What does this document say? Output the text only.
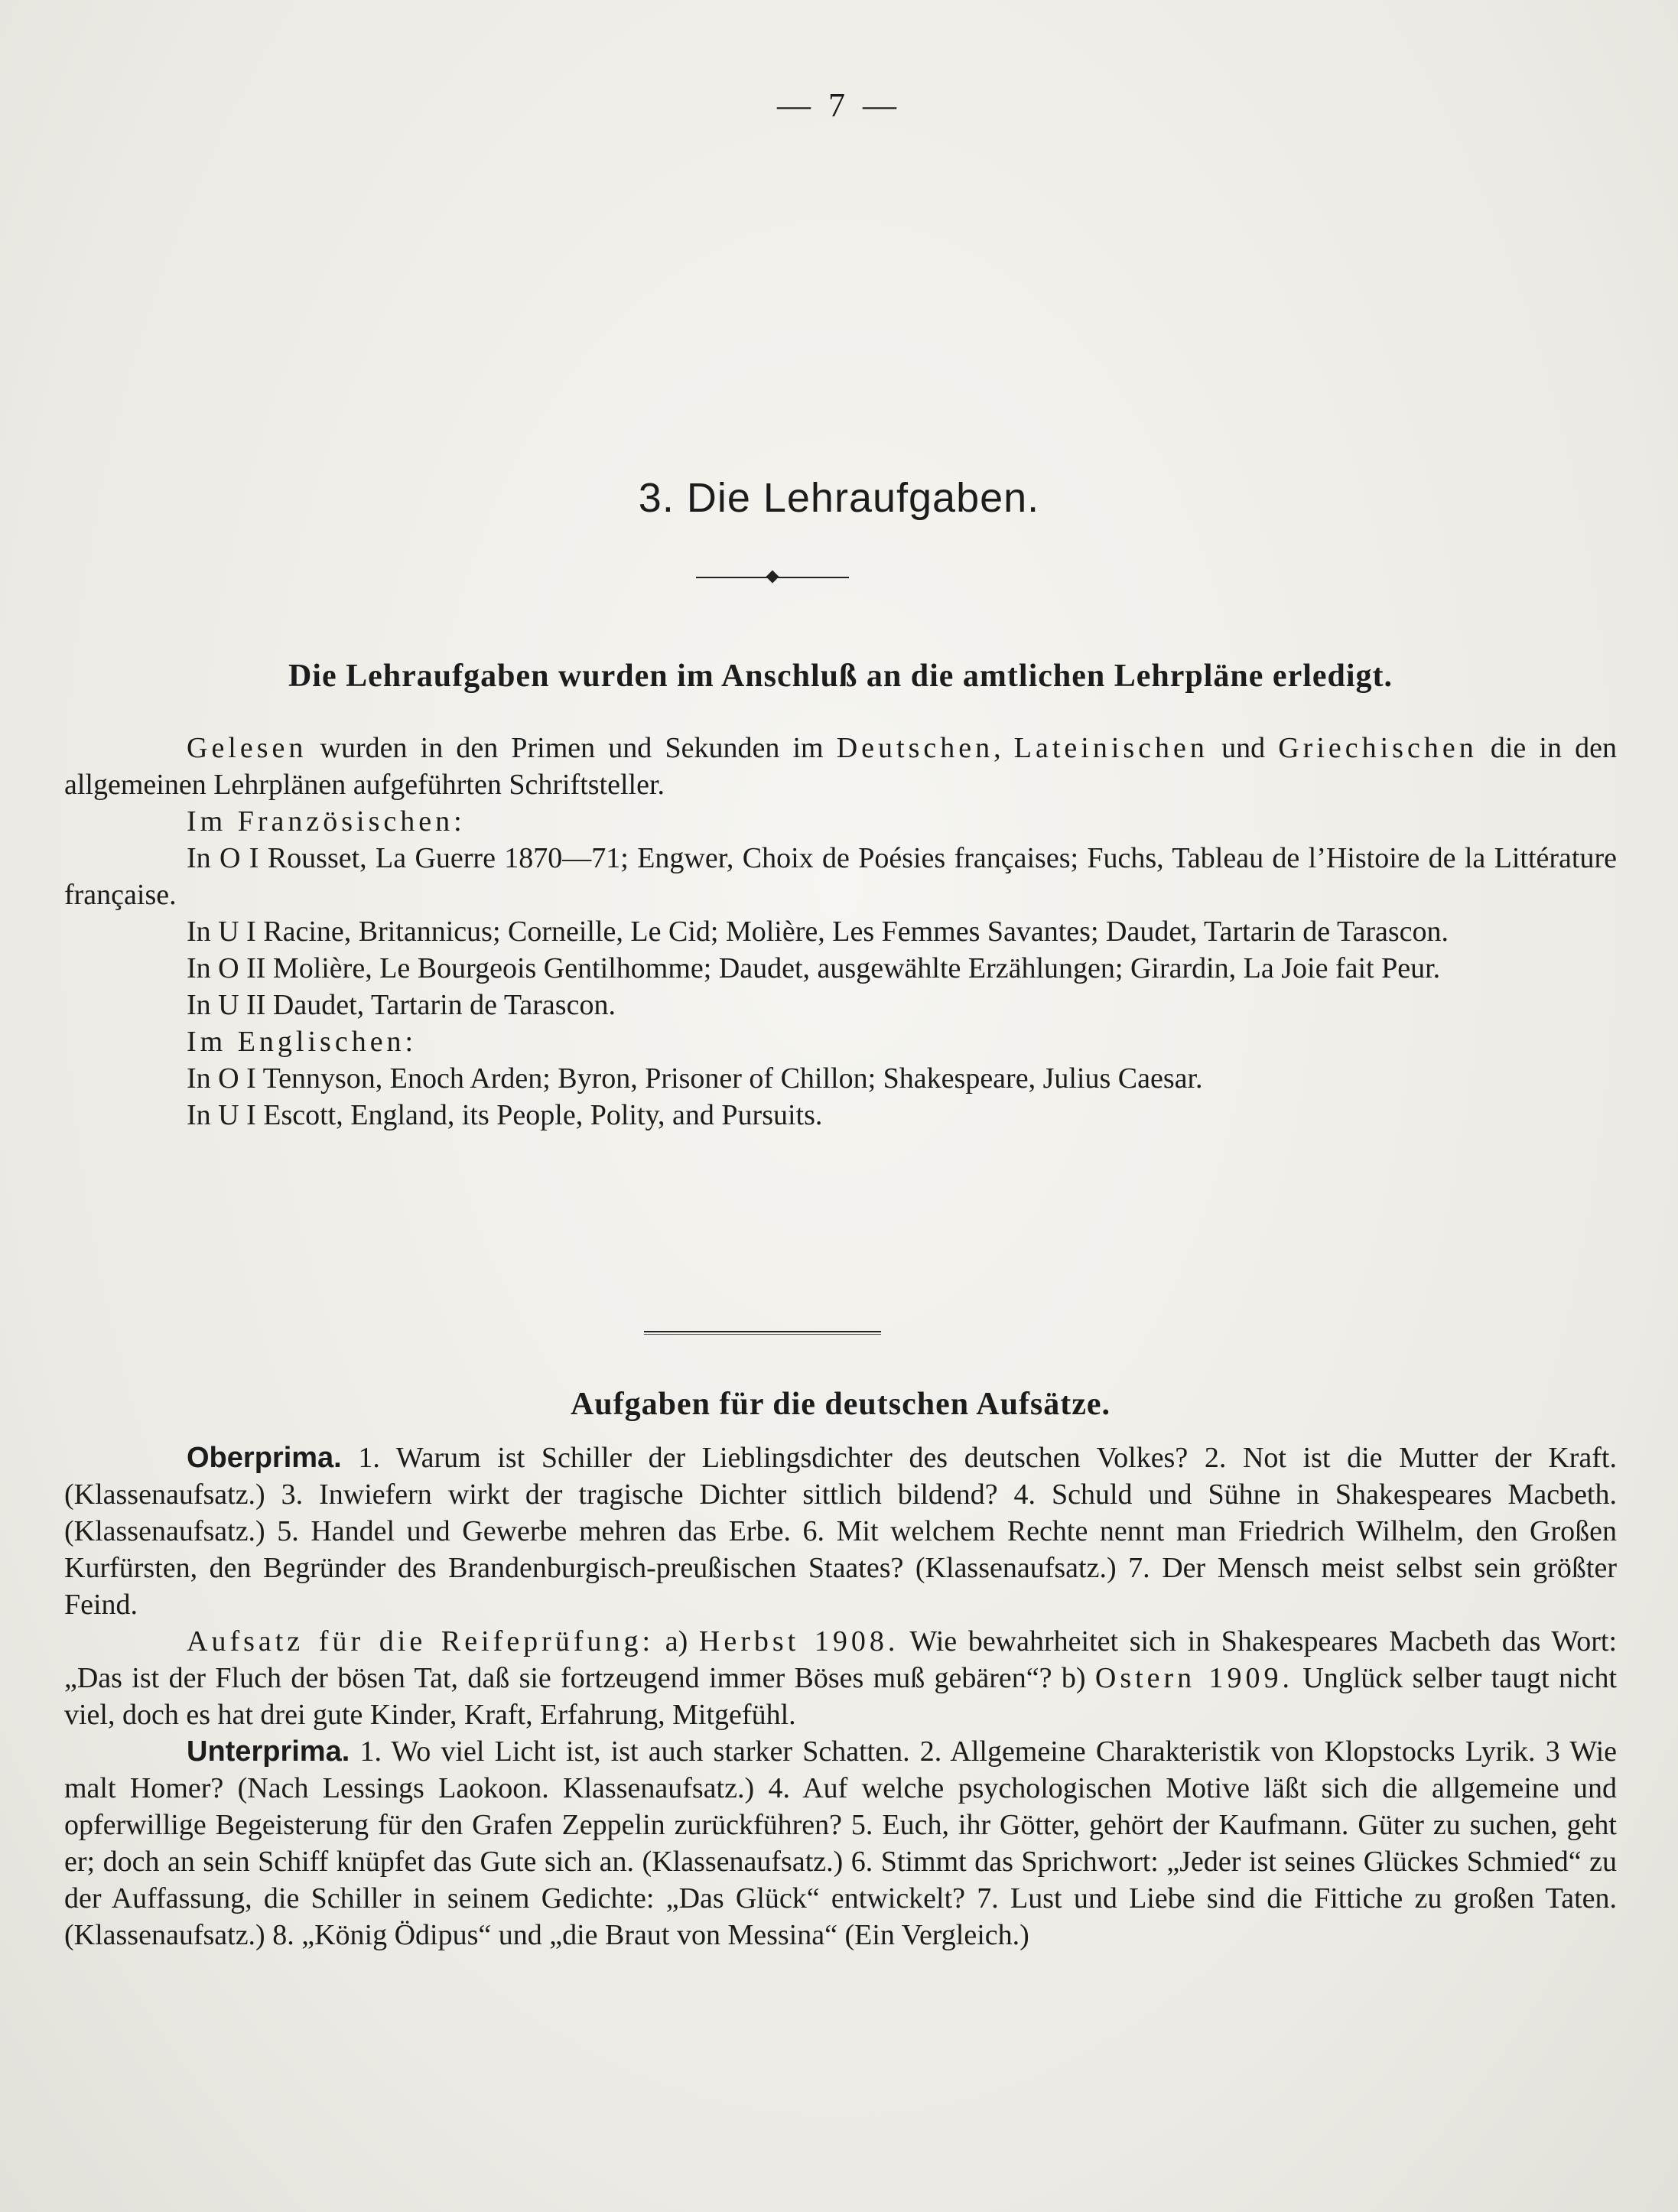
— 7 —
3. Die Lehraufgaben.
Die Lehraufgaben wurden im Anschluß an die amtlichen Lehrpläne erledigt.

Gelesen wurden in den Primen und Sekunden im Deutschen, Lateinischen und Griechischen die in den allgemeinen Lehrplänen aufgeführten Schriftsteller.

Im Französischen:

In O I Rousset, La Guerre 1870—71; Engwer, Choix de Poésies françaises; Fuchs, Tableau de l’Histoire de la Littérature française.

In U I Racine, Britannicus; Corneille, Le Cid; Molière, Les Femmes Savantes; Daudet, Tartarin de Tarascon.

In O II Molière, Le Bourgeois Gentilhomme; Daudet, ausgewählte Erzählungen; Girardin, La Joie fait Peur.

In U II Daudet, Tartarin de Tarascon.

Im Englischen:

In O I Tennyson, Enoch Arden; Byron, Prisoner of Chillon; Shakespeare, Julius Caesar.

In U I Escott, England, its People, Polity, and Pursuits.

Aufgaben für die deutschen Aufsätze.

Oberprima. 1. Warum ist Schiller der Lieblingsdichter des deutschen Volkes? 2. Not ist die Mutter der Kraft. (Klassenaufsatz.) 3. Inwiefern wirkt der tragische Dichter sittlich bildend? 4. Schuld und Sühne in Shakespeares Macbeth. (Klassenaufsatz.) 5. Handel und Gewerbe mehren das Erbe. 6. Mit welchem Rechte nennt man Friedrich Wilhelm, den Großen Kurfürsten, den Begründer des Brandenburgisch-preußischen Staates? (Klassenaufsatz.) 7. Der Mensch meist selbst sein größter Feind.

Aufsatz für die Reifeprüfung: a) Herbst 1908. Wie bewahrheitet sich in Shakespeares Macbeth das Wort: „Das ist der Fluch der bösen Tat, daß sie fortzeugend immer Böses muß gebären“? b) Ostern 1909. Unglück selber taugt nicht viel, doch es hat drei gute Kinder, Kraft, Erfahrung, Mitgefühl.

Unterprima. 1. Wo viel Licht ist, ist auch starker Schatten. 2. Allgemeine Charakteristik von Klopstocks Lyrik. 3 Wie malt Homer? (Nach Lessings Laokoon. Klassenaufsatz.) 4. Auf welche psychologischen Motive läßt sich die allgemeine und opferwillige Begeisterung für den Grafen Zeppelin zurückführen? 5. Euch, ihr Götter, gehört der Kaufmann. Güter zu suchen, geht er; doch an sein Schiff knüpfet das Gute sich an. (Klassenaufsatz.) 6. Stimmt das Sprichwort: „Jeder ist seines Glückes Schmied“ zu der Auffassung, die Schiller in seinem Gedichte: „Das Glück“ entwickelt? 7. Lust und Liebe sind die Fittiche zu großen Taten. (Klassenaufsatz.) 8. „König Ödipus“ und „die Braut von Messina“ (Ein Vergleich.)
